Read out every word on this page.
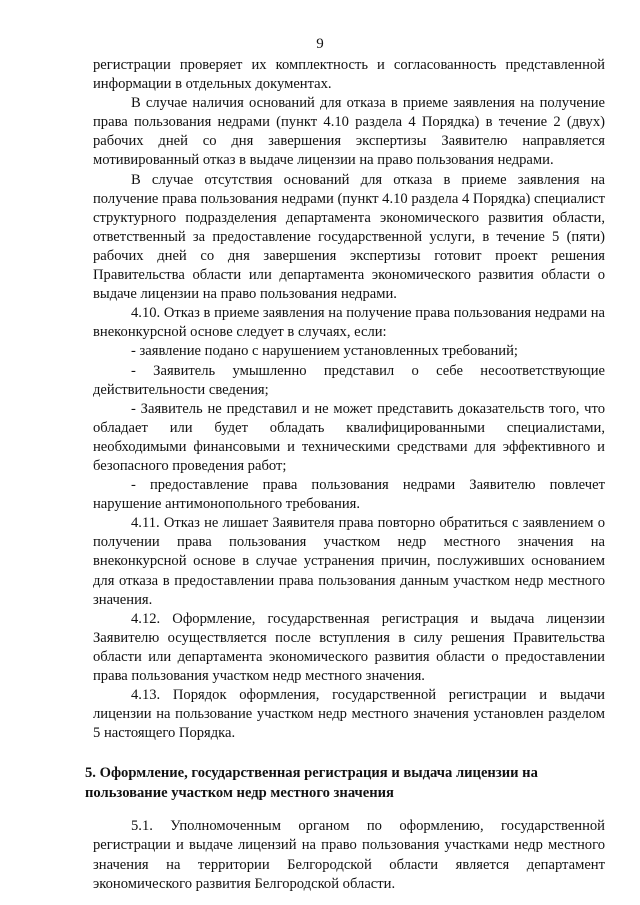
9

регистрации проверяет их комплектность и согласованность представленной информации в отдельных документах.

В случае наличия оснований для отказа в приеме заявления на получение права пользования недрами (пункт 4.10 раздела 4 Порядка) в течение 2 (двух) рабочих дней со дня завершения экспертизы Заявителю направляется мотивированный отказ в выдаче лицензии на право пользования недрами.

В случае отсутствия оснований для отказа в приеме заявления на получение права пользования недрами (пункт 4.10 раздела 4 Порядка) специалист структурного подразделения департамента экономического развития области, ответственный за предоставление государственной услуги, в течение 5 (пяти) рабочих дней со дня завершения экспертизы готовит проект решения Правительства области или департамента экономического развития области о выдаче лицензии на право пользования недрами.

4.10. Отказ в приеме заявления на получение права пользования недрами на внеконкурсной основе следует в случаях, если:

- заявление подано с нарушением установленных требований;

- Заявитель умышленно представил о себе несоответствующие действительности сведения;

- Заявитель не представил и не может представить доказательств того, что обладает или будет обладать квалифицированными специалистами, необходимыми финансовыми и техническими средствами для эффективного и безопасного проведения работ;

- предоставление права пользования недрами Заявителю повлечет нарушение антимонопольного требования.

4.11. Отказ не лишает Заявителя права повторно обратиться с заявлением о получении права пользования участком недр местного значения на внеконкурсной основе в случае устранения причин, послуживших основанием для отказа в предоставлении права пользования данным участком недр местного значения.

4.12. Оформление, государственная регистрация и выдача лицензии Заявителю осуществляется после вступления в силу решения Правительства области или департамента экономического развития области о предоставлении права пользования участком недр местного значения.

4.13. Порядок оформления, государственной регистрации и выдачи лицензии на пользование участком недр местного значения установлен разделом 5 настоящего Порядка.

5. Оформление, государственная регистрация и выдача лицензии на
пользование участком недр местного значения

5.1. Уполномоченным органом по оформлению, государственной регистрации и выдаче лицензий на право пользования участками недр местного значения на территории Белгородской области является департамент экономического развития Белгородской области.
